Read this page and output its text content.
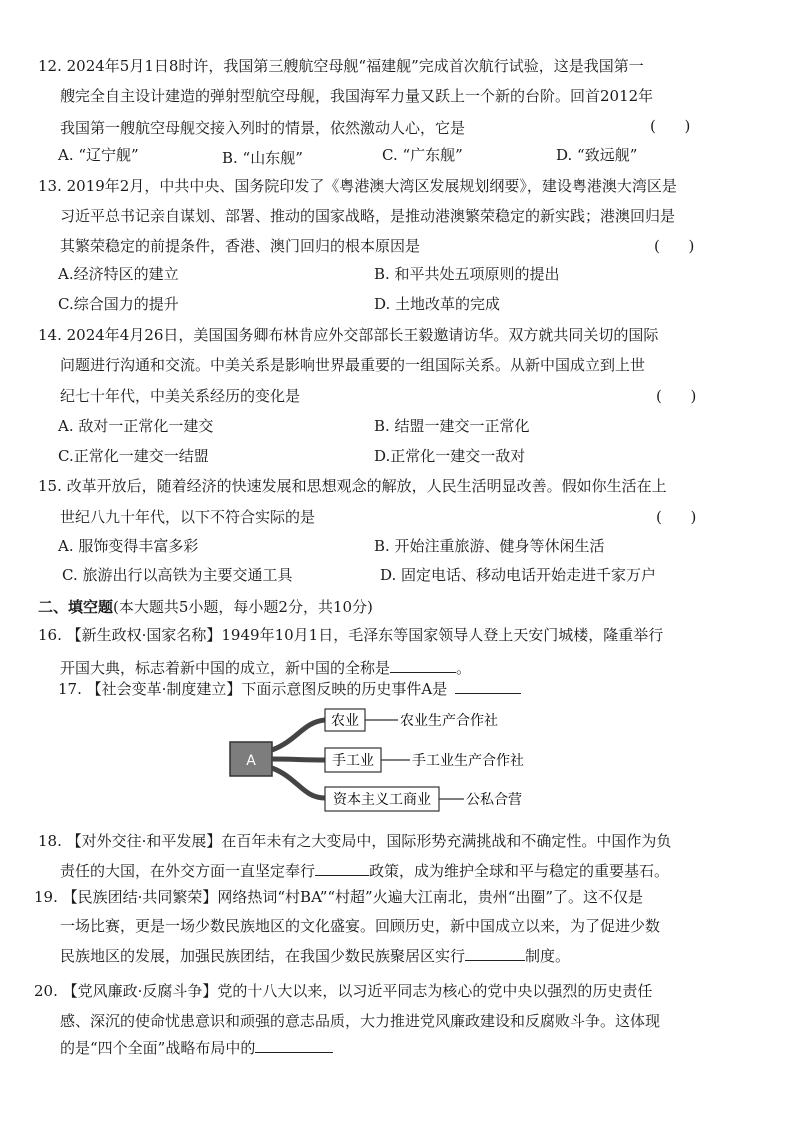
12. 2024年5月1日8时许，我国第三艘航空母舰“福建舰”完成首次航行试验，这是我国第一
艘完全自主设计建造的弹射型航空母舰，我国海军力量又跃上一个新的台阶。回首2012年
我国第一艘航空母舰交接入列时的情景，依然激动人心，它是	(      )
A. “辽宁舰”	B. “山东舰”	C. “广东舰”	D. “致远舰”
13. 2019年2月，中共中央、国务院印发了《粤港澳大湾区发展规划纲要》，建设粤港澳大湾区是
习近平总书记亲自谋划、部署、推动的国家战略，是推动港澳繁荣稳定的新实践；港澳回归是
其繁荣稳定的前提条件，香港、澳门回归的根本原因是	(      )
A.经济特区的建立	B. 和平共处五项原则的提出
C.综合国力的提升	D. 土地改革的完成
14. 2024年4月26日，美国国务卿布林肯应外交部部长王毅邀请访华。双方就共同关切的国际
问题进行沟通和交流。中美关系是影响世界最重要的一组国际关系。从新中国成立到上世
纪七十年代，中美关系经历的变化是	(      )
A. 敌对一正常化一建交	B. 结盟一建交一正常化
C.正常化一建交一结盟	D.正常化一建交一敌对
15. 改革开放后，随着经济的快速发展和思想观念的解放，人民生活明显改善。假如你生活在上
世纪八九十年代，以下不符合实际的是	(      )
A. 服饰变得丰富多彩	B. 开始注重旅游、健身等休闲生活
C. 旅游出行以高铁为主要交通工具	D. 固定电话、移动电话开始走进千家万户
二、填空题(本大题共5小题，每小题2分，共10分)
16. 【新生政权·国家名称】1949年10月1日，毛泽东等国家领导人登上天安门城楼，隆重举行
开国大典，标志着新中国的成立，新中国的全称是	。
17. 【社会变革·制度建立】下面示意图反映的历史事件A是
A
农业	农业生产合作社
手工业	手工业生产合作社
资本主义工商业	公私合营
18. 【对外交往·和平发展】在百年未有之大变局中，国际形势充满挑战和不确定性。中国作为负
责任的大国，在外交方面一直坚定奉行	政策，成为维护全球和平与稳定的重要基石。
19. 【民族团结·共同繁荣】网络热词“村BA”“村超”火遍大江南北，贵州“出圈”了。这不仅是
一场比赛，更是一场少数民族地区的文化盛宴。回顾历史，新中国成立以来，为了促进少数
民族地区的发展，加强民族团结，在我国少数民族聚居区实行	制度。
20. 【党风廉政·反腐斗争】党的十八大以来，以习近平同志为核心的党中央以强烈的历史责任
感、深沉的使命忧患意识和顽强的意志品质，大力推进党风廉政建设和反腐败斗争。这体现
的是“四个全面”战略布局中的
